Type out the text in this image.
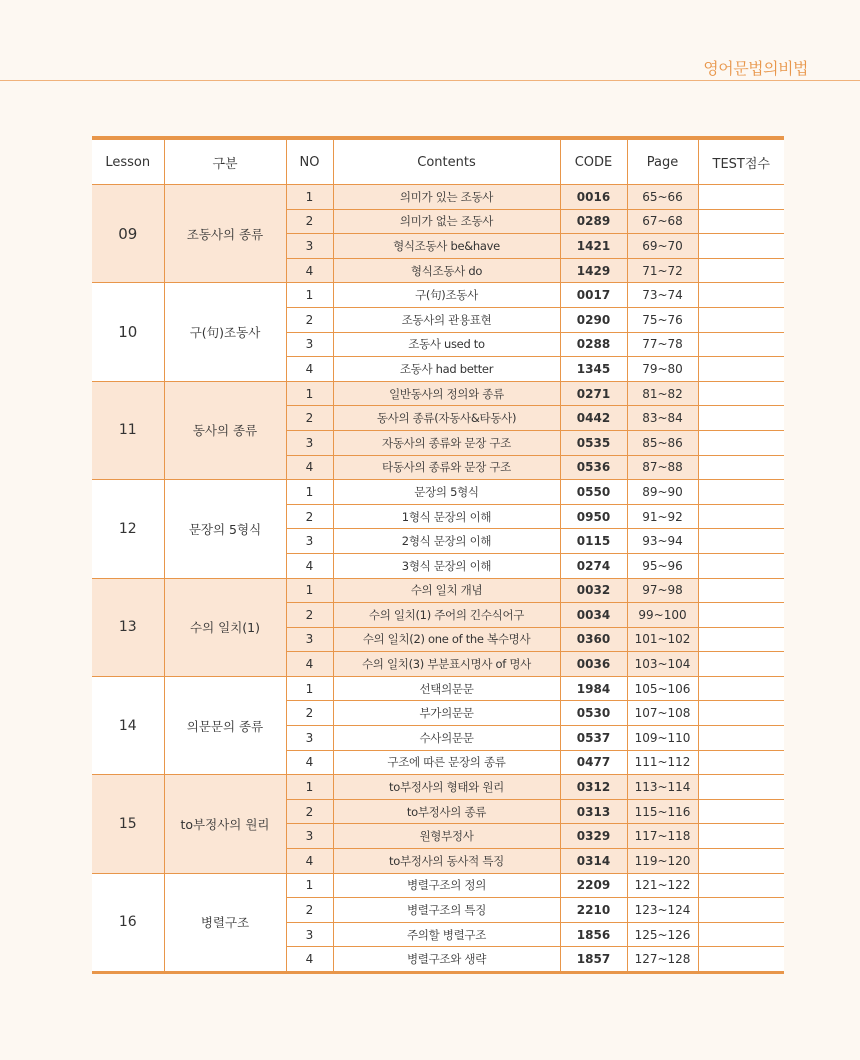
영어문법의비법
Lesson	구분	NO	Contents	CODE	Page	TEST점수
09	조동사의 종류	1	의미가 있는 조동사	0016	65~66	
		2	의미가 없는 조동사	0289	67~68	
		3	형식조동사 be&have	1421	69~70	
		4	형식조동사 do	1429	71~72	
10	구(句)조동사	1	구(句)조동사	0017	73~74	
		2	조동사의 관용표현	0290	75~76	
		3	조동사 used to	0288	77~78	
		4	조동사 had better	1345	79~80	
11	동사의 종류	1	일반동사의 정의와 종류	0271	81~82	
		2	동사의 종류(자동사&타동사)	0442	83~84	
		3	자동사의 종류와 문장 구조	0535	85~86	
		4	타동사의 종류와 문장 구조	0536	87~88	
12	문장의 5형식	1	문장의 5형식	0550	89~90	
		2	1형식 문장의 이해	0950	91~92	
		3	2형식 문장의 이해	0115	93~94	
		4	3형식 문장의 이해	0274	95~96	
13	수의 일치(1)	1	수의 일치 개념	0032	97~98	
		2	수의 일치(1) 주어의 긴수식어구	0034	99~100	
		3	수의 일치(2) one of the 복수명사	0360	101~102	
		4	수의 일치(3) 부분표시명사 of 명사	0036	103~104	
14	의문문의 종류	1	선택의문문	1984	105~106	
		2	부가의문문	0530	107~108	
		3	수사의문문	0537	109~110	
		4	구조에 따른 문장의 종류	0477	111~112	
15	to부정사의 원리	1	to부정사의 형태와 원리	0312	113~114	
		2	to부정사의 종류	0313	115~116	
		3	원형부정사	0329	117~118	
		4	to부정사의 동사적 특징	0314	119~120	
16	병렬구조	1	병렬구조의 정의	2209	121~122	
		2	병렬구조의 특징	2210	123~124	
		3	주의할 병렬구조	1856	125~126	
		4	병렬구조와 생략	1857	127~128	
